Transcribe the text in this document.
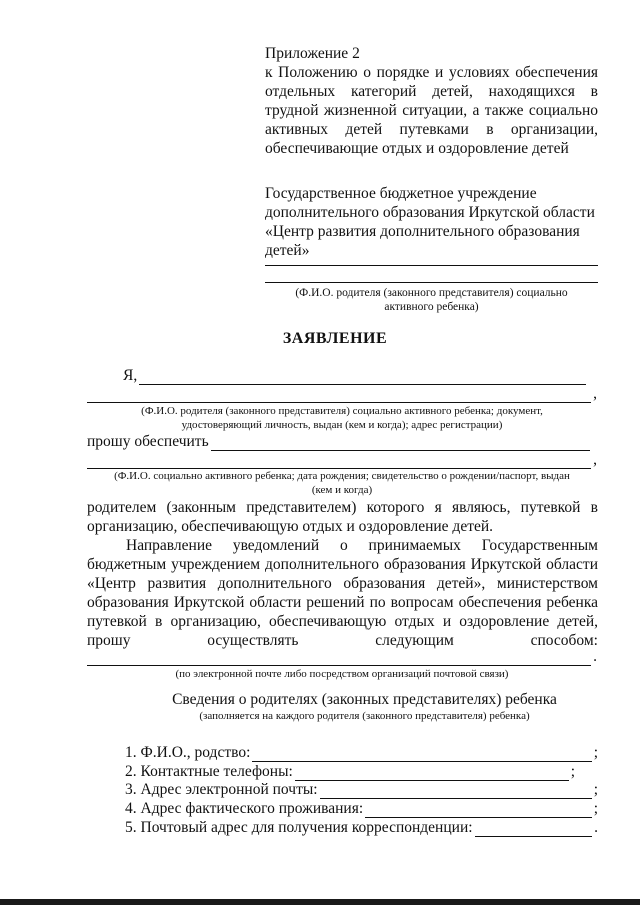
Приложение 2
к Положению о порядке и условиях обеспечения
отдельных категорий детей, находящихся в
трудной жизненной ситуации, а также социально
активных детей путевками в организации,
обеспечивающие отдых и оздоровление детей
Государственное бюджетное учреждение
дополнительного образования Иркутской области
«Центр развития дополнительного образования
детей»
(Ф.И.О. родителя (законного представителя) социально
активного ребенка)
ЗАЯВЛЕНИЕ
Я,
,
(Ф.И.О. родителя (законного представителя) социально активного ребенка; документ,
удостоверяющий личность, выдан (кем и когда); адрес регистрации)
прошу обеспечить
,
(Ф.И.О. социально активного ребенка; дата рождения; свидетельство о рождении/паспорт, выдан
(кем и когда)
родителем (законным представителем) которого я являюсь, путевкой в
организацию, обеспечивающую отдых и оздоровление детей.
Направление уведомлений о принимаемых Государственным
бюджетным учреждением дополнительного образования Иркутской области
«Центр развития дополнительного образования детей», министерством
образования Иркутской области решений по вопросам обеспечения ребенка
путевкой в организацию, обеспечивающую отдых и оздоровление детей,
прошу осуществлять следующим способом:
.
(по электронной почте либо посредством организаций почтовой связи)
Сведения о родителях (законных представителях) ребенка
(заполняется на каждого родителя (законного представителя) ребенка)
1. Ф.И.О., родство:	;
2. Контактные телефоны:	;
3. Адрес электронной почты:	;
4. Адрес фактического проживания:	;
5. Почтовый адрес для получения корреспонденции:	.
